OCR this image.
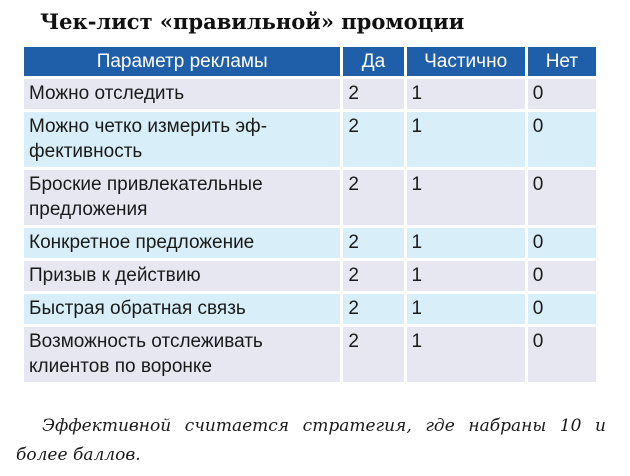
Чек-лист «правильной» промоции
Параметр рекламы	Да	Частично	Нет
Можно отследить	2	1	0
Можно четко измерить эф-
фективность	2	1	0
Броские привлекательные
предложения	2	1	0
Конкретное предложение	2	1	0
Призыв к действию	2	1	0
Быстрая обратная связь	2	1	0
Возможность отслеживать
клиентов по воронке	2	1	0

Эффективной считается стратегия, где набраны 10 и более баллов.
